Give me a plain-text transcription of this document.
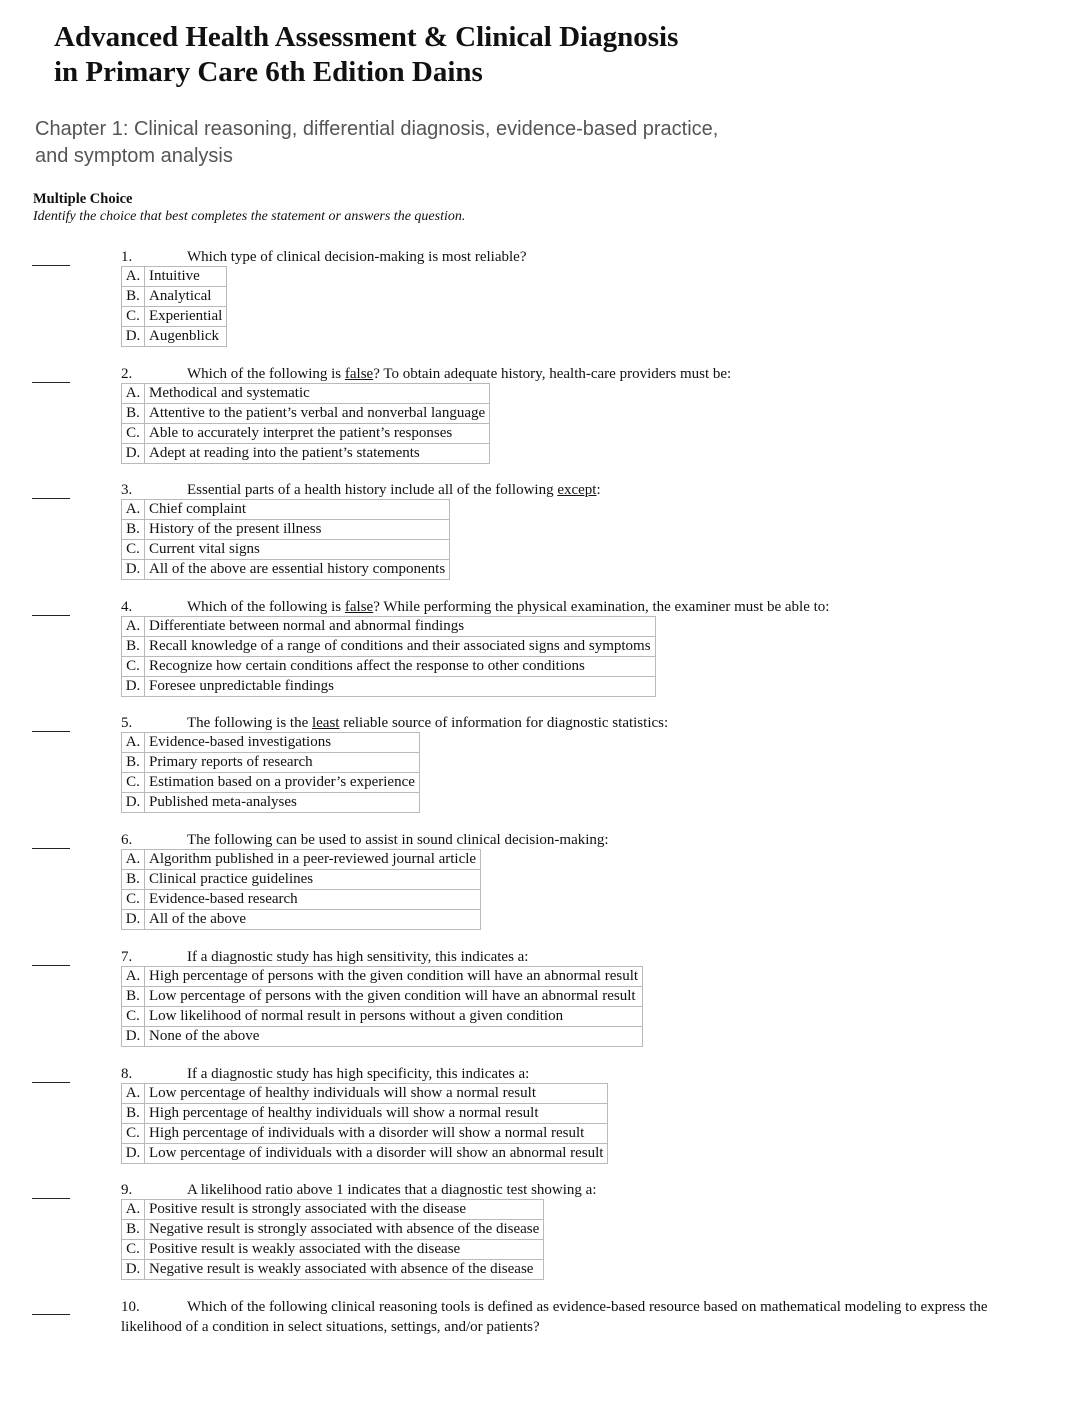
Advanced Health Assessment & Clinical Diagnosis
in Primary Care 6th Edition Dains
Chapter 1: Clinical reasoning, differential diagnosis, evidence-based practice,
and symptom analysis
Multiple Choice
Identify the choice that best completes the statement or answers the question.
1.	Which type of clinical decision-making is most reliable?
A.	Intuitive
B.	Analytical
C.	Experiential
D.	Augenblick
2.	Which of the following is false? To obtain adequate history, health-care providers must be:
A.	Methodical and systematic
B.	Attentive to the patient’s verbal and nonverbal language
C.	Able to accurately interpret the patient’s responses
D.	Adept at reading into the patient’s statements
3.	Essential parts of a health history include all of the following except:
A.	Chief complaint
B.	History of the present illness
C.	Current vital signs
D.	All of the above are essential history components
4.	Which of the following is false? While performing the physical examination, the examiner must be able to:
A.	Differentiate between normal and abnormal findings
B.	Recall knowledge of a range of conditions and their associated signs and symptoms
C.	Recognize how certain conditions affect the response to other conditions
D.	Foresee unpredictable findings
5.	The following is the least reliable source of information for diagnostic statistics:
A.	Evidence-based investigations
B.	Primary reports of research
C.	Estimation based on a provider’s experience
D.	Published meta-analyses
6.	The following can be used to assist in sound clinical decision-making:
A.	Algorithm published in a peer-reviewed journal article
B.	Clinical practice guidelines
C.	Evidence-based research
D.	All of the above
7.	If a diagnostic study has high sensitivity, this indicates a:
A.	High percentage of persons with the given condition will have an abnormal result
B.	Low percentage of persons with the given condition will have an abnormal result
C.	Low likelihood of normal result in persons without a given condition
D.	None of the above
8.	If a diagnostic study has high specificity, this indicates a:
A.	Low percentage of healthy individuals will show a normal result
B.	High percentage of healthy individuals will show a normal result
C.	High percentage of individuals with a disorder will show a normal result
D.	Low percentage of individuals with a disorder will show an abnormal result
9.	A likelihood ratio above 1 indicates that a diagnostic test showing a:
A.	Positive result is strongly associated with the disease
B.	Negative result is strongly associated with absence of the disease
C.	Positive result is weakly associated with the disease
D.	Negative result is weakly associated with absence of the disease
10.	Which of the following clinical reasoning tools is defined as evidence-based resource based on mathematical modeling to express the likelihood of a condition in select situations, settings, and/or patients?
